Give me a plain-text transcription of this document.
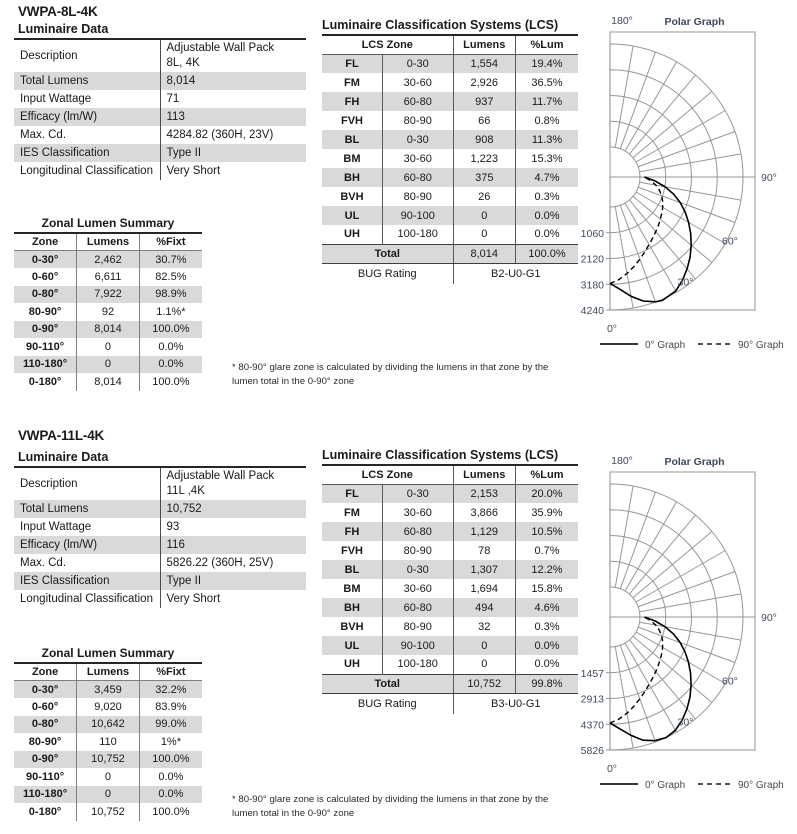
VWPA-8L-4K
Luminaire Data
Description	Adjustable Wall Pack
8L, 4K
Total Lumens	8,014
Input Wattage	71
Efficacy (lm/W)	113
Max. Cd.	4284.82 (360H, 23V)
IES Classification	Type II
Longitudinal Classification	Very Short
Zonal Lumen Summary
Zone	Lumens	%Fixt
0-30°	2,462	30.7%
0-60°	6,611	82.5%
0-80°	7,922	98.9%
80-90°	92	1.1%*
0-90°	8,014	100.0%
90-110°	0	0.0%
110-180°	0	0.0%
0-180°	8,014	100.0%
Luminaire Classification Systems (LCS)
LCS Zone		Lumens	%Lum
FL	0-30	1,554	19.4%
FM	30-60	2,926	36.5%
FH	60-80	937	11.7%
FVH	80-90	66	0.8%
BL	0-30	908	11.3%
BM	30-60	1,223	15.3%
BH	60-80	375	4.7%
BVH	80-90	26	0.3%
UL	90-100	0	0.0%
UH	100-180	0	0.0%
Total		8,014	100.0%
BUG Rating		B2-U0-G1	
* 80-90° glare zone is calculated by dividing the lumens in that zone by the lumen total in the 0-90° zone
1060
2120
3180
4240
180°
0°
90°
60°
30°
Polar Graph
0° Graph	90° Graph
VWPA-11L-4K
Luminaire Data
Description	Adjustable Wall Pack
11L ,4K
Total Lumens	10,752
Input Wattage	93
Efficacy (lm/W)	116
Max. Cd.	5826.22 (360H, 25V)
IES Classification	Type II
Longitudinal Classification	Very Short
Zonal Lumen Summary
Zone	Lumens	%Fixt
0-30°	3,459	32.2%
0-60°	9,020	83.9%
0-80°	10,642	99.0%
80-90°	110	1%*
0-90°	10,752	100.0%
90-110°	0	0.0%
110-180°	0	0.0%
0-180°	10,752	100.0%
Luminaire Classification Systems (LCS)
LCS Zone		Lumens	%Lum
FL	0-30	2,153	20.0%
FM	30-60	3,866	35.9%
FH	60-80	1,129	10.5%
FVH	80-90	78	0.7%
BL	0-30	1,307	12.2%
BM	30-60	1,694	15.8%
BH	60-80	494	4.6%
BVH	80-90	32	0.3%
UL	90-100	0	0.0%
UH	100-180	0	0.0%
Total		10,752	99.8%
BUG Rating		B3-U0-G1	
* 80-90° glare zone is calculated by dividing the lumens in that zone by the lumen total in the 0-90° zone
1457
2913
4370
5826
180°
0°
90°
60°
30°
Polar Graph
0° Graph	90° Graph
